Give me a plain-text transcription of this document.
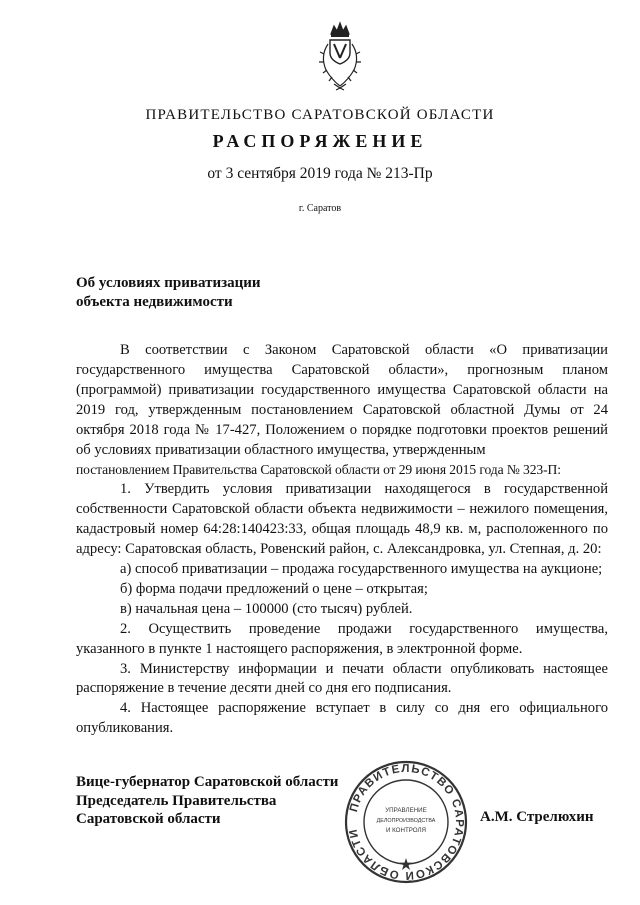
ПРАВИТЕЛЬСТВО САРАТОВСКОЙ ОБЛАСТИ
РАСПОРЯЖЕНИЕ
от 3 сентября 2019 года № 213-Пр
г. Саратов
Об условиях приватизации
объекта недвижимости

В соответствии с Законом Саратовской области «О приватизации государственного имущества Саратовской области», прогнозным планом (программой) приватизации государственного имущества Саратовской области на 2019 год, утвержденным постановлением Саратовской областной Думы от 24 октября 2018 года № 17-427, Положением о порядке подготовки проектов решений об условиях приватизации областного имущества, утвержденным

постановлением Правительства Саратовской области от 29 июня 2015 года № 323-П:

1. Утвердить условия приватизации находящегося в государственной собственности Саратовской области объекта недвижимости – нежилого помещения, кадастровый номер 64:28:140423:33, общая площадь 48,9 кв. м, расположенного по адресу: Саратовская область, Ровенский район, с. Александровка, ул. Степная, д. 20:

а) способ приватизации – продажа государственного имущества на аукционе;

б) форма подачи предложений о цене – открытая;

в) начальная цена – 100000 (сто тысяч) рублей.

2. Осуществить проведение продажи государственного имущества, указанного в пункте 1 настоящего распоряжения, в электронной форме.

3. Министерству информации и печати области опубликовать настоящее распоряжение в течение десяти дней со дня его подписания.

4. Настоящее распоряжение вступает в силу со дня его официального опубликования.

Вице-губернатор Саратовской области
Председатель Правительства
Саратовской области
ПРАВИТЕЛЬСТВО САРАТОВСКОЙ ОБЛАСТИ
УПРАВЛЕНИЕ
ДЕЛОПРОИЗВОДСТВА
И КОНТРОЛЯ
А.М. Стрелюхин
